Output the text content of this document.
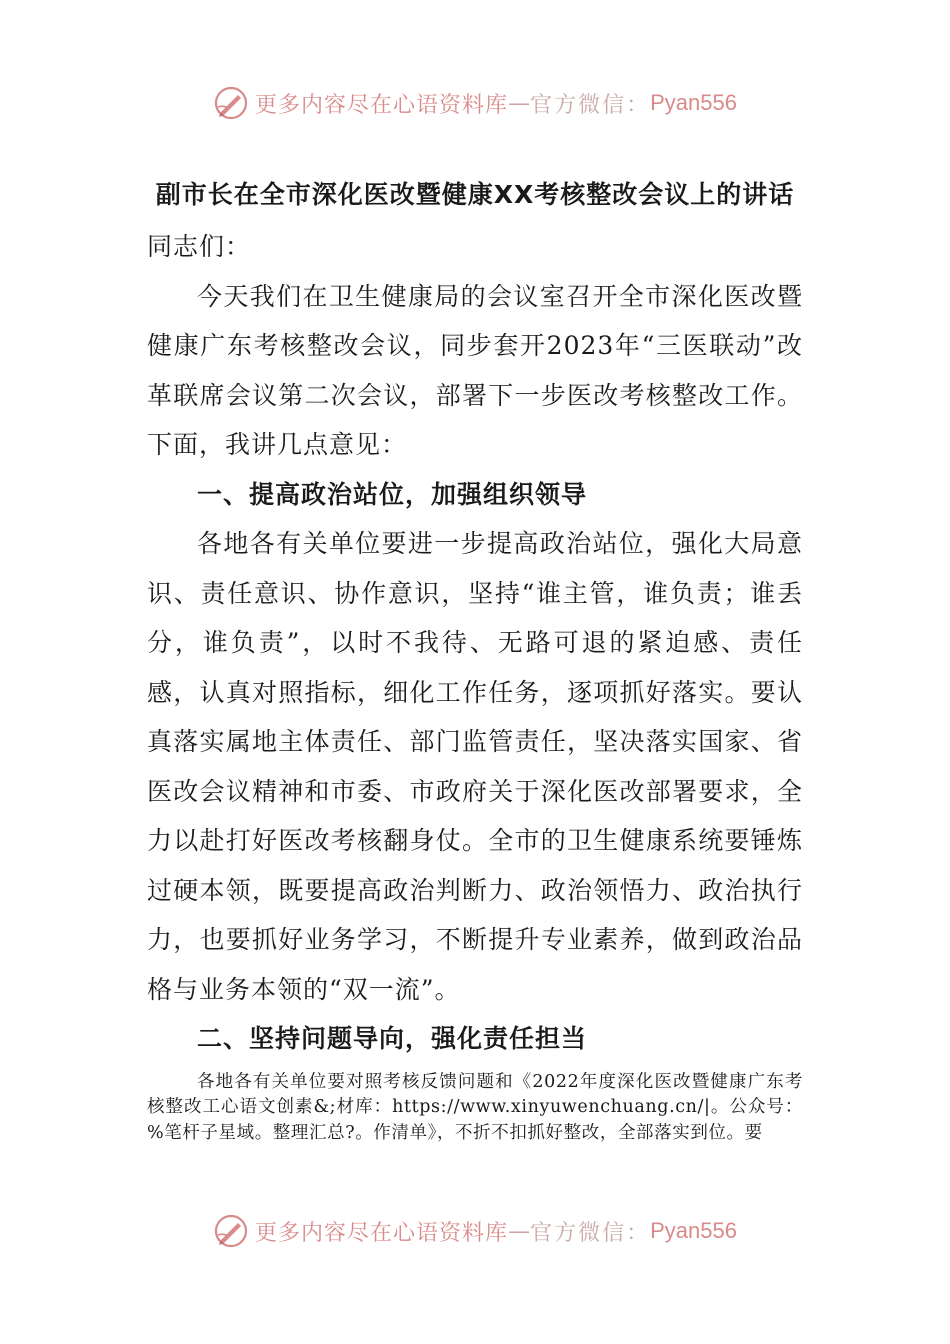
更多内容尽在心语资料库 — 官方微信： Pyan556
副市长在全市深化医改暨健康XX考核整改会议上的讲话

同志们：

今天我们在卫生健康局的会议室召开全市深化医改暨健康广东考核整改会议，同步套开2023年“三医联动”改革联席会议第二次会议，部署下一步医改考核整改工作。下面，我讲几点意见：

一、提高政治站位，加强组织领导

各地各有关单位要进一步提高政治站位，强化大局意识、责任意识、协作意识，坚持“谁主管，谁负责；谁丢分，谁负责”，以时不我待、无路可退的紧迫感、责任感，认真对照指标，细化工作任务，逐项抓好落实。要认真落实属地主体责任、部门监管责任，坚决落实国家、省医改会议精神和市委、市政府关于深化医改部署要求，全力以赴打好医改考核翻身仗。全市的卫生健康系统要锤炼过硬本领，既要提高政治判断力、政治领悟力、政治执行力，也要抓好业务学习，不断提升专业素养，做到政治品格与业务本领的“双一流”。

二、坚持问题导向，强化责任担当

各地各有关单位要对照考核反馈问题和《2022年度深化医改暨健康广东考核整改工心语文创素&;材库：https://www.xinyuwenchuang.cn/|。公众号：%笔杆子星域。整理汇总?。作清单》，不折不扣抓好整改，全部落实到位。要

更多内容尽在心语资料库 — 官方微信： Pyan556
